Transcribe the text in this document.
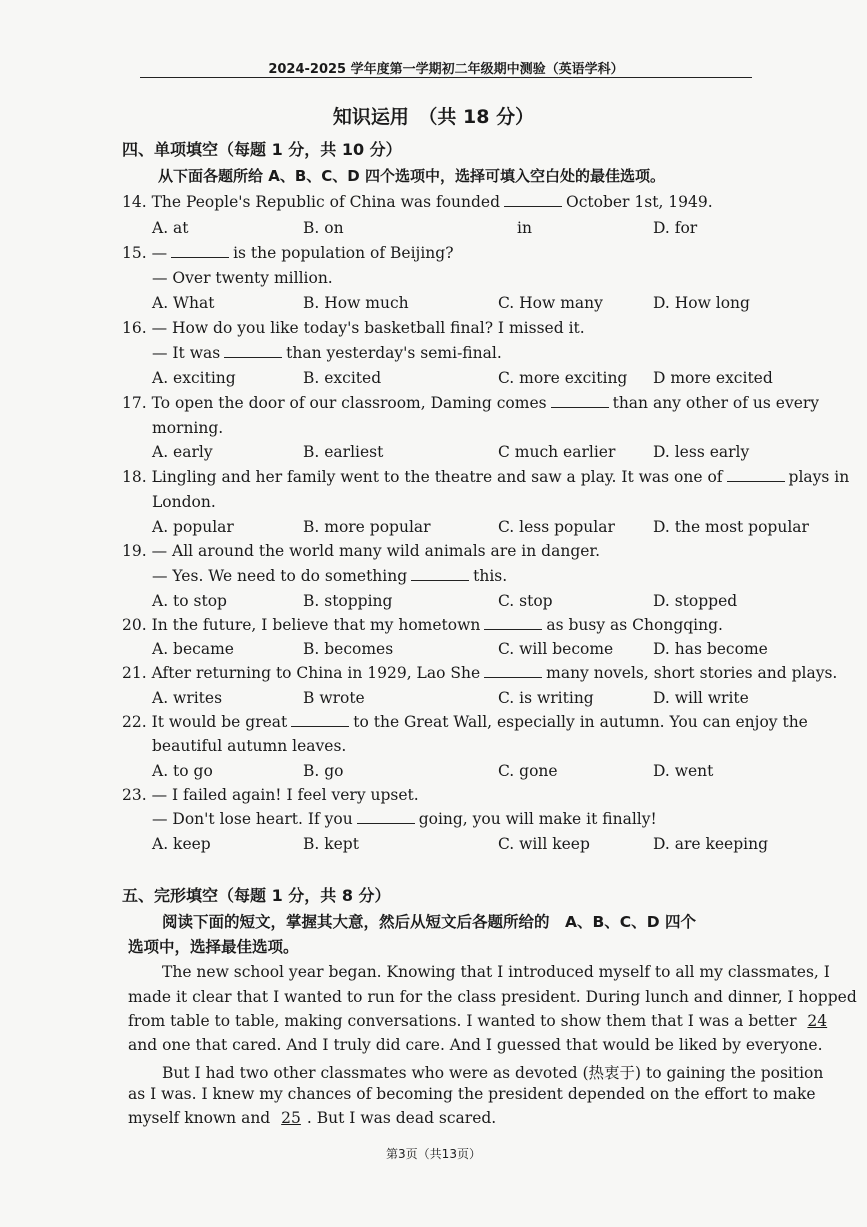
2024-2025 学年度第一学期初二年级期中测验（英语学科）
知识运用　（共 18 分）
四、单项填空（每题 1 分，共 10 分）
从下面各题所给 A、B、C、D 四个选项中，选择可填入空白处的最佳选项。
14. The People's Republic of China was founded	October 1st, 1949.
A. at	B. on	in	D. for
15. —	is the population of Beijing?
— Over twenty million.
A. What	B. How much	C. How many	D. How long
16. — How do you like today's basketball final? I missed it.
— It was	than yesterday's semi-final.
A. exciting	B. excited	C. more exciting D more excited
17. To open the door of our classroom, Daming comes	than any other of us every
morning.
A. early	B. earliest	C much earlier D. less early
18. Lingling and her family went to the theatre and saw a play. It was one of	plays in
London.
A. popular	B. more popular	C. less popular D. the most popular
19. — All around the world many wild animals are in danger.
— Yes. We need to do something	this.
A. to stop	B. stopping	C. stop	D. stopped
20. In the future, I believe that my hometown	as busy as Chongqing.
A. became	B. becomes	C. will become	D. has become
21. After returning to China in 1929, Lao She	many novels, short stories and plays.
A. writes	B wrote	C. is writing	D. will write
22. It would be great	to the Great Wall, especially in autumn. You can enjoy the
beautiful autumn leaves.
A. to go	B. go	C. gone	D. went
23. — I failed again! I feel very upset.
— Don't lose heart. If you	going, you will make it finally!
A. keep	B. kept	C. will keep	D. are keeping
五、完形填空（每题 1 分，共 8 分）
阅读下面的短文，掌握其大意，然后从短文后各题所给的　A、B、C、D 四个
选项中，选择最佳选项。
The new school year began. Knowing that I introduced myself to all my classmates, I
made it clear that I wanted to run for the class president. During lunch and dinner, I hopped
from table to table, making conversations. I wanted to show them that I was a better 24
and one that cared. And I truly did care. And I guessed that would be liked by everyone.
But I had two other classmates who were as devoted (热衷于) to gaining the position
as I was. I knew my chances of becoming the president depended on the effort to make
myself known and 25 . But I was dead scared.
第3页（共13页）
